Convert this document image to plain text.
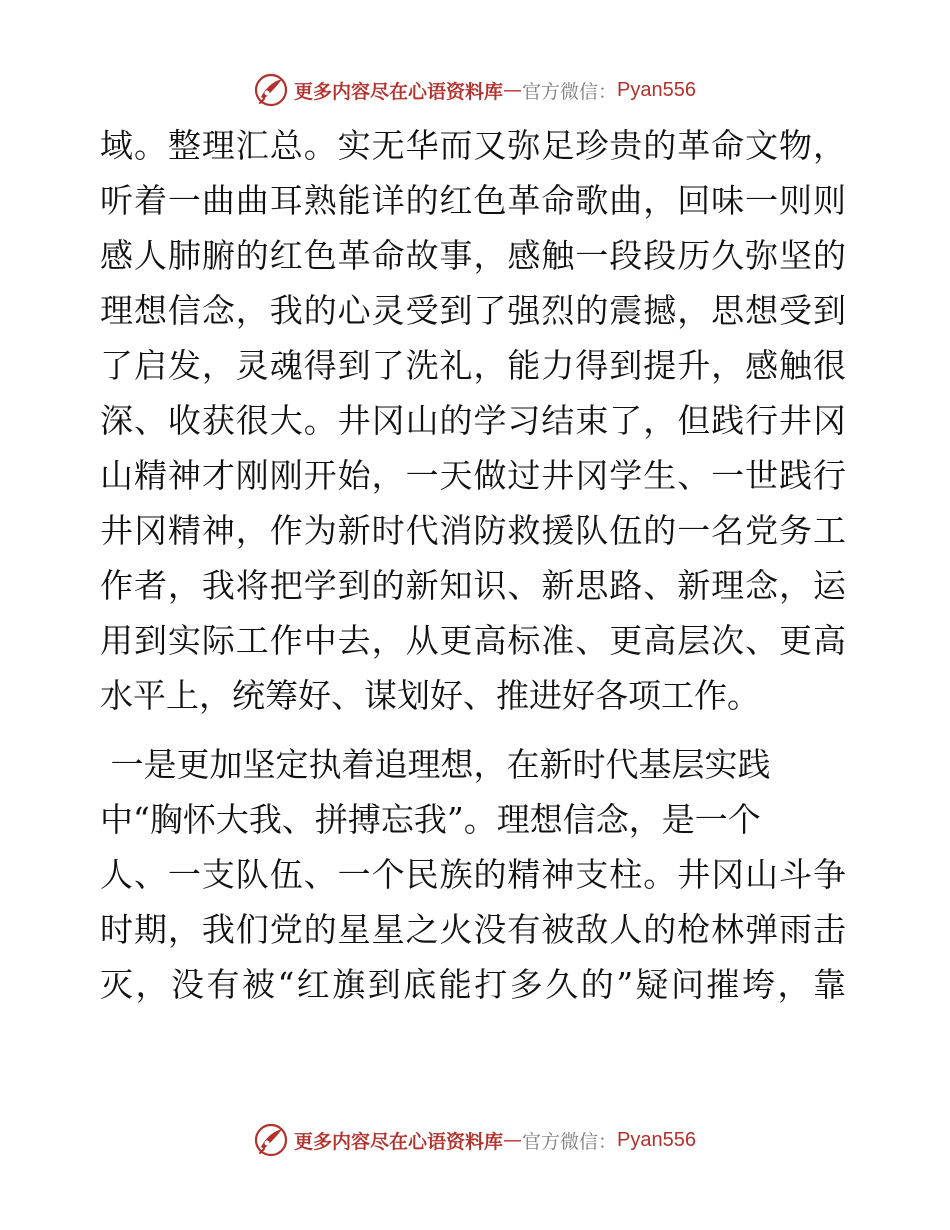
更多内容尽在心语资料库 — 官方微信： Pyan556
域。整理汇总。实无华而又弥足珍贵的革命文物，
听着一曲曲耳熟能详的红色革命歌曲，回味一则则
感人肺腑的红色革命故事，感触一段段历久弥坚的
理想信念，我的心灵受到了强烈的震撼，思想受到
了启发，灵魂得到了洗礼，能力得到提升，感触很
深、收获很大。井冈山的学习结束了，但践行井冈
山精神才刚刚开始，一天做过井冈学生、一世践行
井冈精神，作为新时代消防救援队伍的一名党务工
作者，我将把学到的新知识、新思路、新理念，运
用到实际工作中去，从更高标准、更高层次、更高
水平上，统筹好、谋划好、推进好各项工作。
一是更加坚定执着追理想，在新时代基层实践
中“胸怀大我、拼搏忘我”。理想信念，是一个
人、一支队伍、一个民族的精神支柱。井冈山斗争
时期，我们党的星星之火没有被敌人的枪林弹雨击
灭，没有被“红旗到底能打多久的”疑问摧垮，靠
更多内容尽在心语资料库 — 官方微信： Pyan556
